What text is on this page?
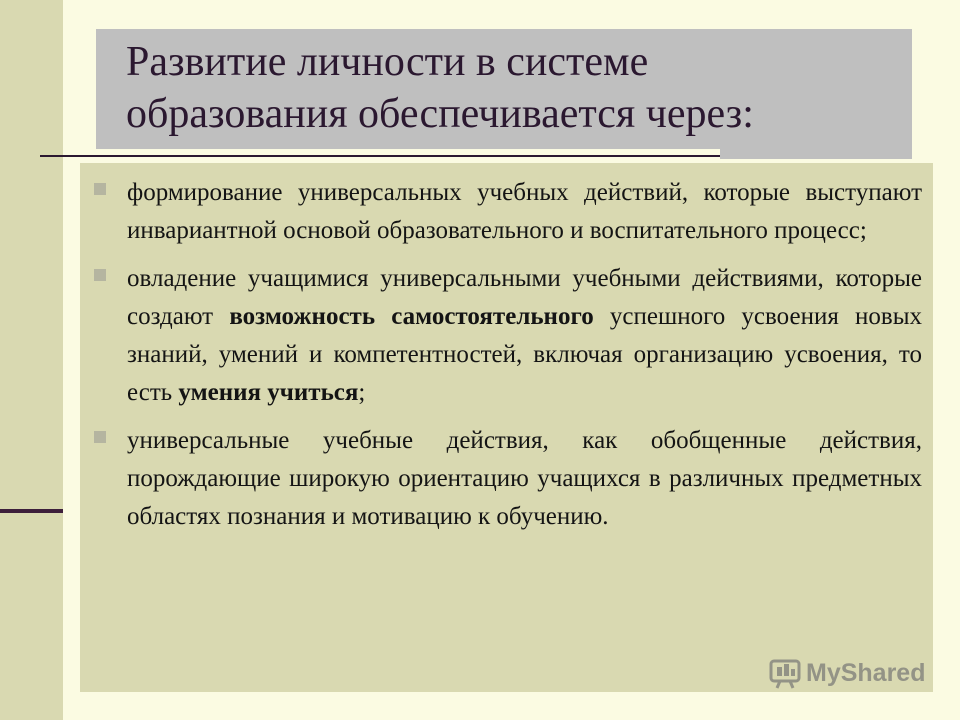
Развитие личности в системе
образования обеспечивается через:
формирование универсальных учебных действий, которые выступают инвариантной основой образовательного и воспитательного процесс;
овладение учащимися универсальными учебными действиями, которые создают возможность самостоятельного успешного усвоения новых знаний, умений и компетентностей, включая организацию усвоения, то есть умения учиться;
универсальные учебные действия, как обобщенные действия, порождающие широкую ориентацию учащихся в различных предметных областях познания и мотивацию к обучению.
MyShared
